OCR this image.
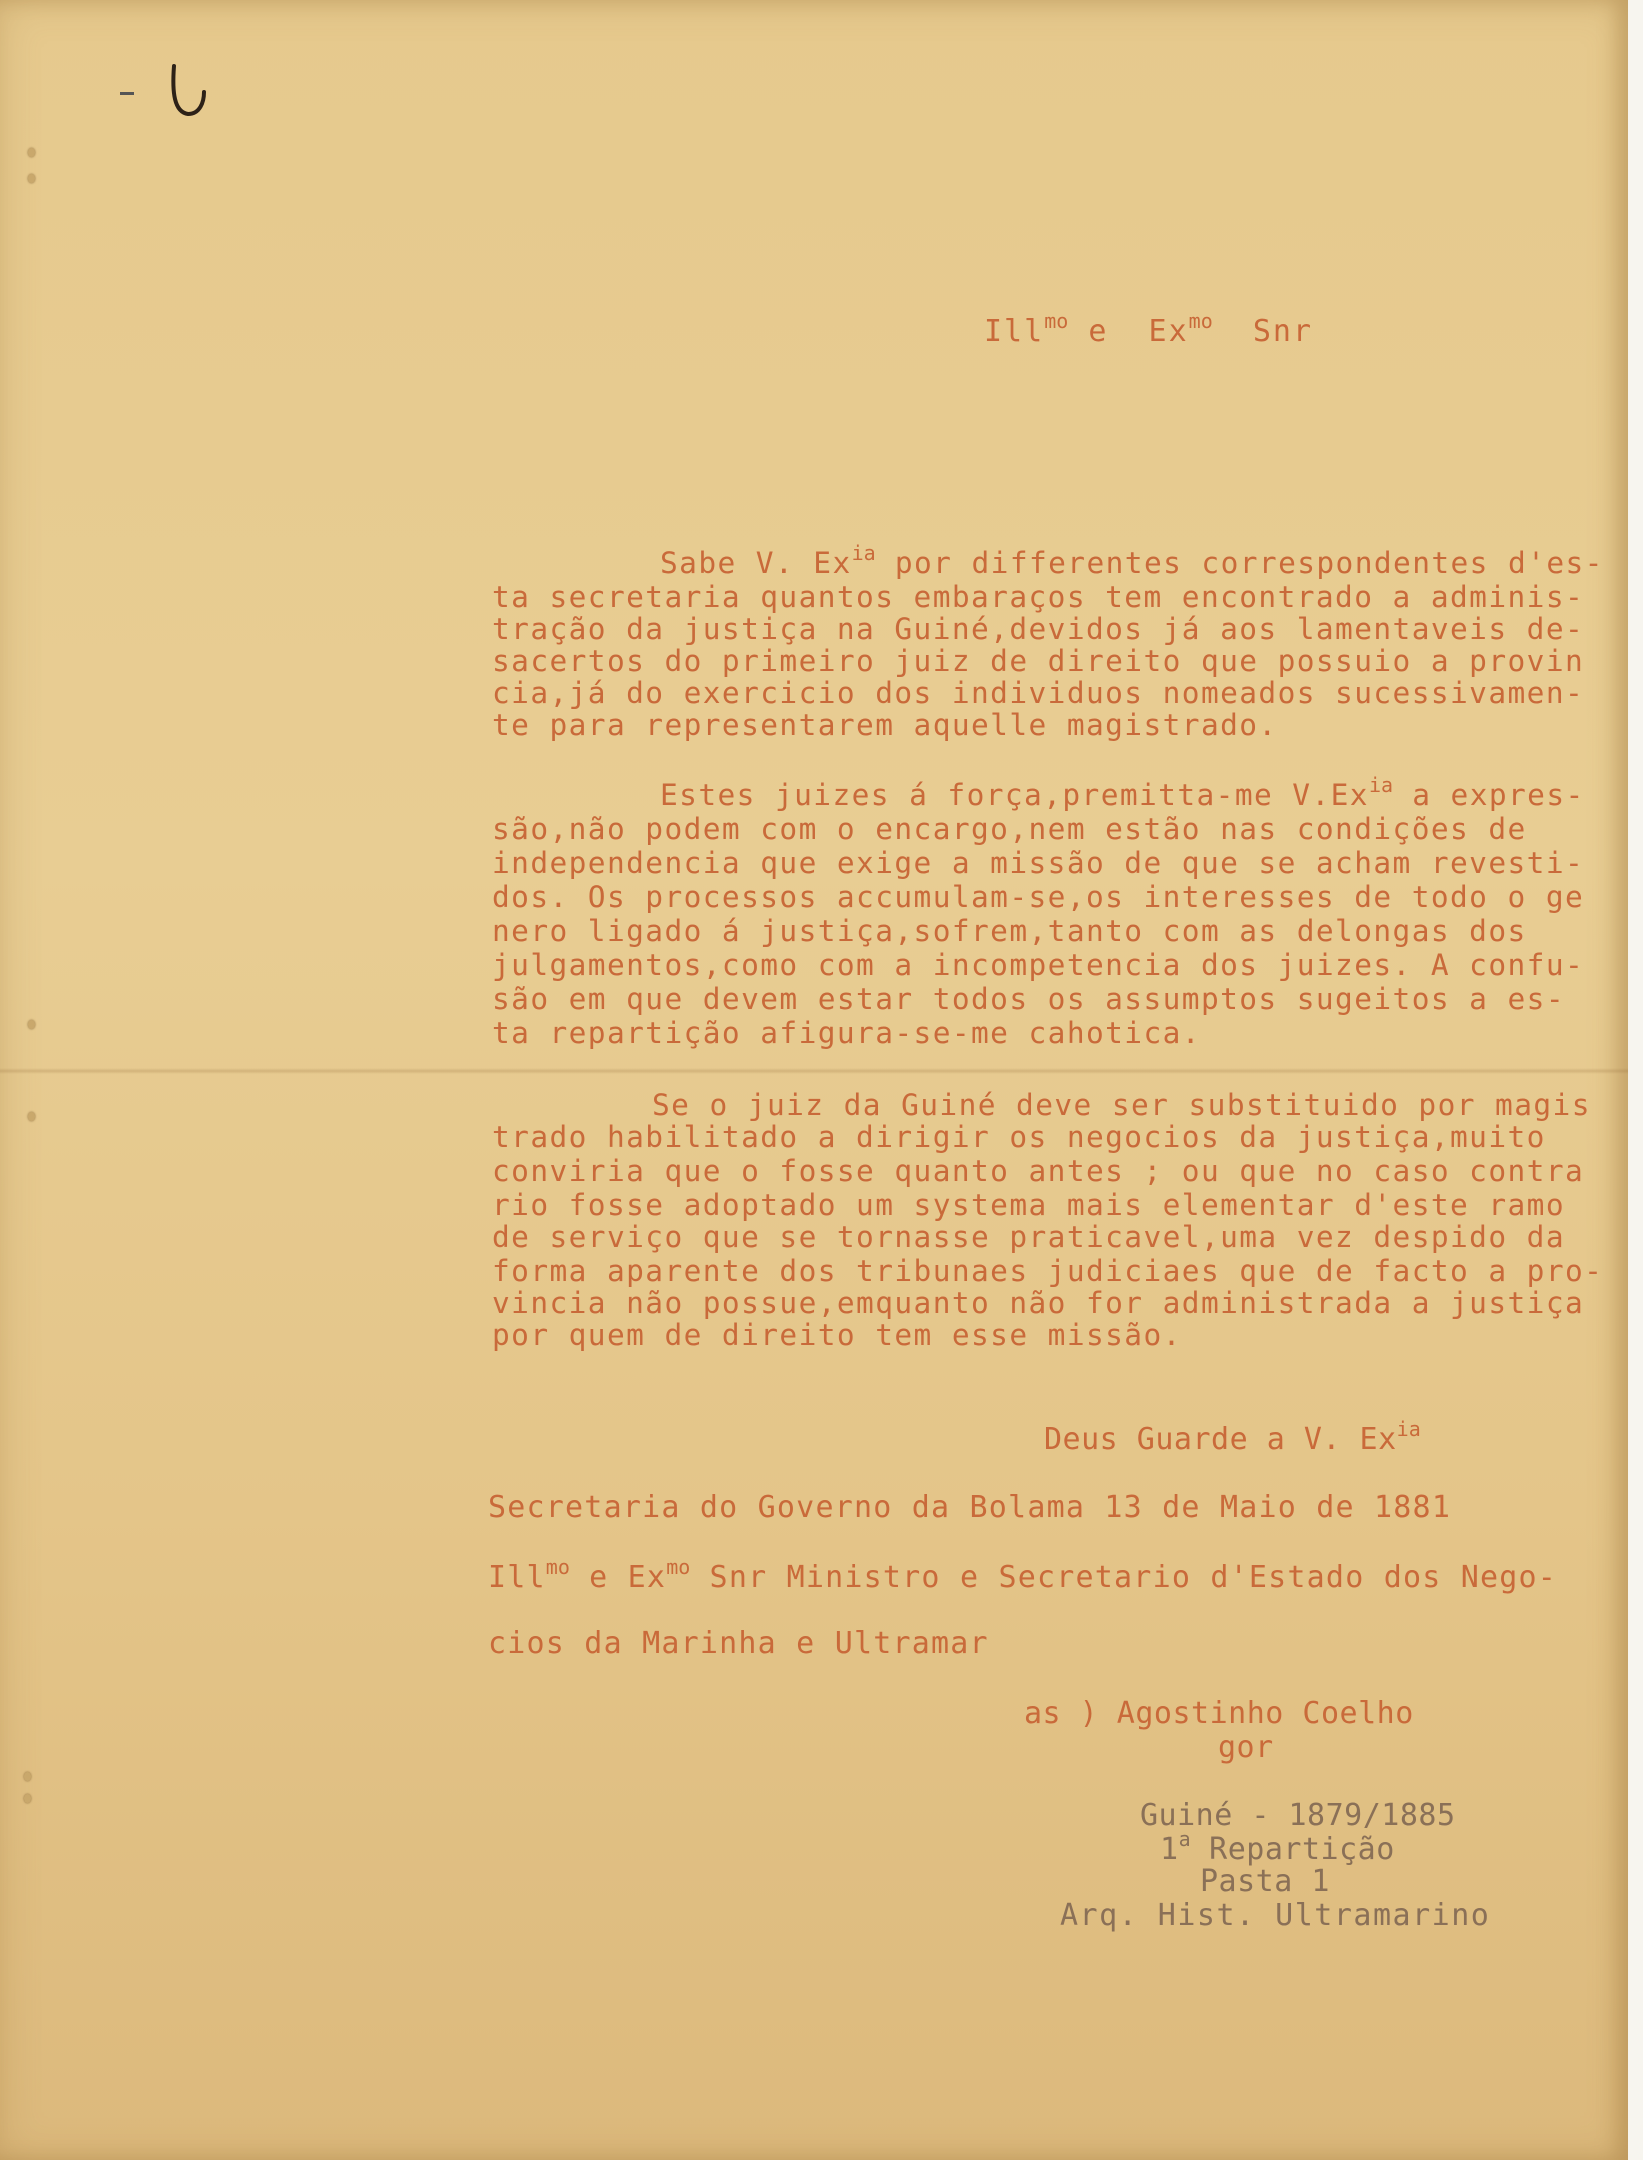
Ill$^{mo}$ e  $Ex^{mo}$  Snr
Sabe V. $Ex^{ia}$ por differentes correspondentes d'es-
ta secretaria quantos embaraços tem encontrado a adminis-
tração da justiça na Guiné,devidos já aos lamentaveis de-
sacertos do primeiro juiz de direito que possuio a provin
cia,já do exercicio dos individuos nomeados sucessivamen-
te para representarem aquelle magistrado.
Estes juizes á força,premitta-me $V.Ex^{ia}$ a expres-
são,não podem com o encargo,nem estão nas condições de
independencia que exige a missão de que se acham revesti-
dos. Os processos accumulam-se,os interesses de todo o ge
nero ligado á justiça,sofrem,tanto com as delongas dos
julgamentos,como com a incompetencia dos juizes. A confu-
são em que devem estar todos os assumptos sugeitos a es-
ta repartição afigura-se-me cahotica.
Se o juiz da Guiné deve ser substituido por magis
trado habilitado a dirigir os negocios da justiça,muito
conviria que o fosse quanto antes ; ou que no caso contra
rio fosse adoptado um systema mais elementar d'este ramo
de serviço que se tornasse praticavel,uma vez despido da
forma aparente dos tribunaes judiciaes que de facto a pro-
vincia não possue,emquanto não for administrada a justiça
por quem de direito tem esse missão.
Deus Guarde a V. $Ex^{ia}$
Secretaria do Governo da Bolama 13 de Maio de 1881
Ill$^{mo}$ e $Ex^{mo}$ Snr Ministro e Secretario d'Estado dos Nego-
cios da Marinha e Ultramar
as ) Agostinho Coelho
gor
Guiné - 1879/1885
1$^a$ Repartição
Pasta 1
Arq. Hist. Ultramarino
